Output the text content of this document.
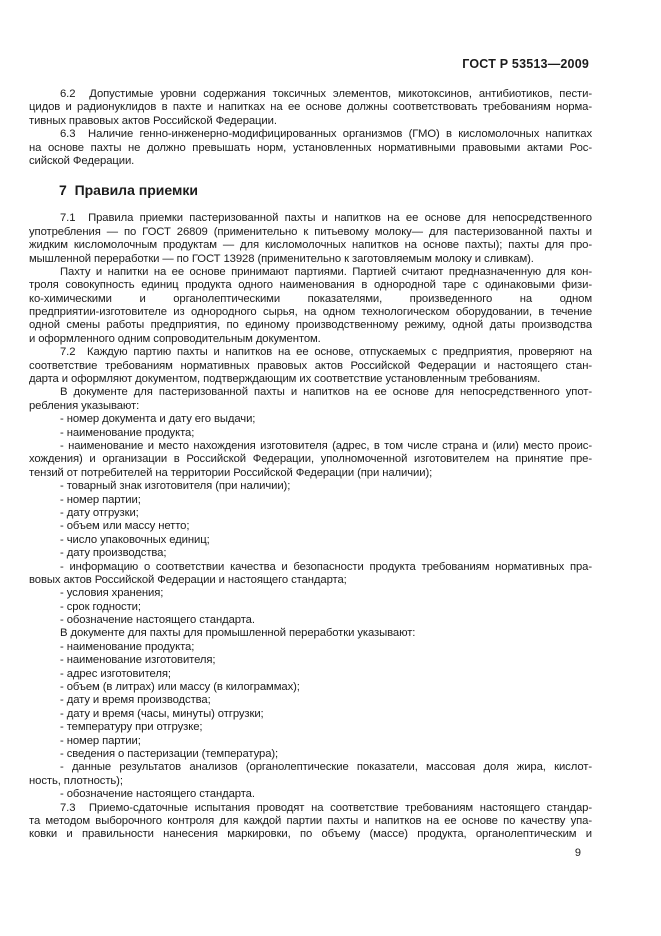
ГОСТ Р 53513—2009
6.2  Допустимые уровни содержания токсичных элементов, микотоксинов, антибиотиков, пести-
цидов и радионуклидов в пахте и напитках на ее основе должны соответствовать требованиям норма-
тивных правовых актов Российской Федерации.
6.3  Наличие генно-инженерно-модифицированных организмов (ГМО) в кисломолочных напитках
на основе пахты не должно превышать норм, установленных нормативными правовыми актами Рос-
сийской Федерации.
7  Правила приемки
7.1  Правила приемки пастеризованной пахты и напитков на ее основе для непосредственного
употребления — по ГОСТ 26809 (применительно к питьевому молоку— для пастеризованной пахты и
жидким кисломолочным продуктам — для кисломолочных напитков на основе пахты); пахты для про-
мышленной переработки — по ГОСТ 13928 (применительно к заготовляемым молоку и сливкам).
Пахту и напитки на ее основе принимают партиями. Партией считают предназначенную для кон-
троля совокупность единиц продукта одного наименования в однородной таре с одинаковыми физи-
ко-химическими и органолептическими показателями, произведенного на одном
предприятии-изготовителе из однородного сырья, на одном технологическом оборудовании, в течение
одной смены работы предприятия, по единому производственному режиму, одной даты производства
и оформленного одним сопроводительным документом.
7.2  Каждую партию пахты и напитков на ее основе, отпускаемых с предприятия, проверяют на
соответствие требованиям нормативных правовых актов Российской Федерации и настоящего стан-
дарта и оформляют документом, подтверждающим их соответствие установленным требованиям.
В документе для пастеризованной пахты и напитков на ее основе для непосредственного упот-
ребления указывают:
- номер документа и дату его выдачи;
- наименование продукта;
- наименование и место нахождения изготовителя (адрес, в том числе страна и (или) место проис-
хождения) и организации в Российской Федерации, уполномоченной изготовителем на принятие пре-
тензий от потребителей на территории Российской Федерации (при наличии);
- товарный знак изготовителя (при наличии);
- номер партии;
- дату отгрузки;
- объем или массу нетто;
- число упаковочных единиц;
- дату производства;
- информацию о соответствии качества и безопасности продукта требованиям нормативных пра-
вовых актов Российской Федерации и настоящего стандарта;
- условия хранения;
- срок годности;
- обозначение настоящего стандарта.
В документе для пахты для промышленной переработки указывают:
- наименование продукта;
- наименование изготовителя;
- адрес изготовителя;
- объем (в литрах) или массу (в килограммах);
- дату и время производства;
- дату и время (часы, минуты) отгрузки;
- температуру при отгрузке;
- номер партии;
- сведения о пастеризации (температура);
- данные результатов анализов (органолептические показатели, массовая доля жира, кислот-
ность, плотность);
- обозначение настоящего стандарта.
7.3  Приемо-сдаточные испытания проводят на соответствие требованиям настоящего стандар-
та методом выборочного контроля для каждой партии пахты и напитков на ее основе по качеству упа-
ковки и правильности нанесения маркировки, по объему (массе) продукта, органолептическим и
9
